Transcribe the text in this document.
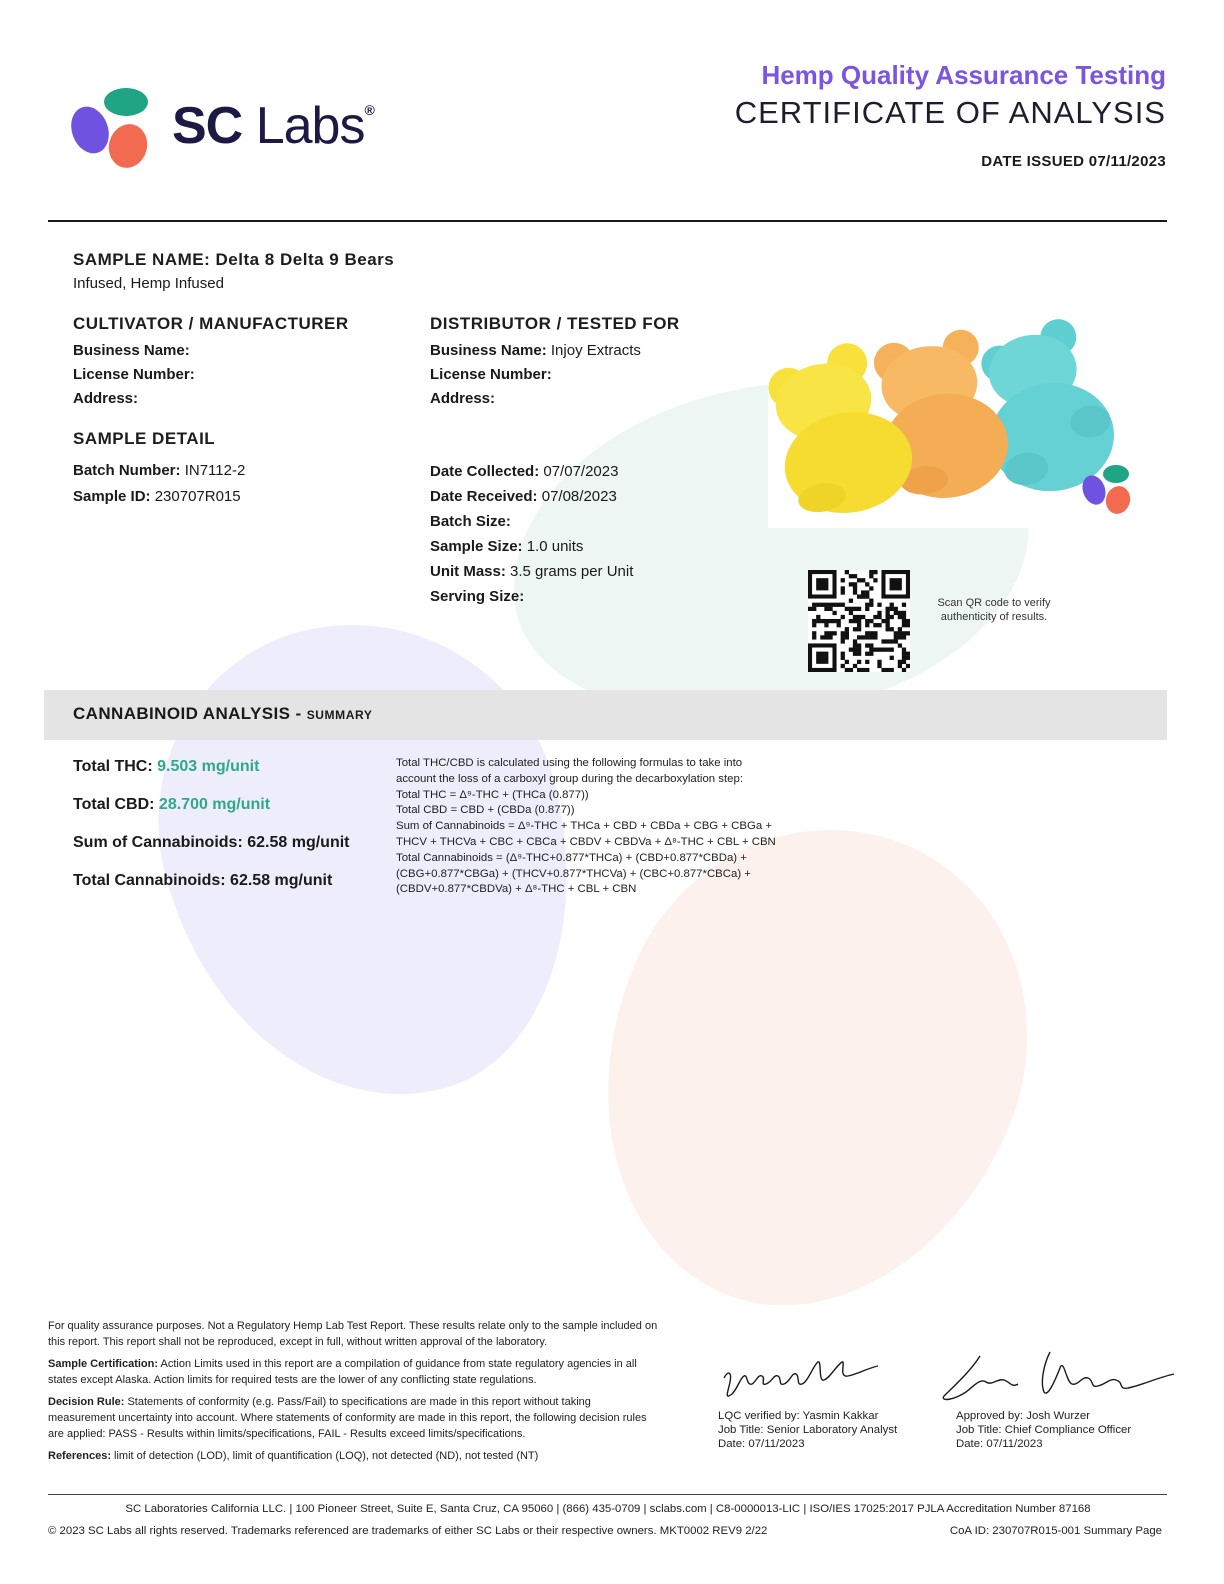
SC Labs®
Hemp Quality Assurance Testing
CERTIFICATE OF ANALYSIS
DATE ISSUED 07/11/2023
SAMPLE NAME: Delta 8 Delta 9 Bears
Infused, Hemp Infused
CULTIVATOR / MANUFACTURER
Business Name:
License Number:
Address:
DISTRIBUTOR / TESTED FOR
Business Name: Injoy Extracts
License Number:
Address:
SAMPLE DETAIL
Batch Number: IN7112-2
Sample ID: 230707R015
Date Collected: 07/07/2023
Date Received: 07/08/2023
Batch Size:
Sample Size: 1.0 units
Unit Mass: 3.5 grams per Unit
Serving Size:	Scan QR code to verify authenticity of results.
CANNABINOID ANALYSIS - SUMMARY
Total THC: 9.503 mg/unit
Total CBD: 28.700 mg/unit
Sum of Cannabinoids: 62.58 mg/unit
Total Cannabinoids: 62.58 mg/unit
Total THC/CBD is calculated using the following formulas to take into
account the loss of a carboxyl group during the decarboxylation step:
Total THC = Δ⁹-THC + (THCa (0.877))
Total CBD = CBD + (CBDa (0.877))
Sum of Cannabinoids = Δ⁹-THC + THCa + CBD + CBDa + CBG + CBGa +
THCV + THCVa + CBC + CBCa + CBDV + CBDVa + Δ⁸-THC + CBL + CBN
Total Cannabinoids = (Δ⁹-THC+0.877*THCa) + (CBD+0.877*CBDa) +
(CBG+0.877*CBGa) + (THCV+0.877*THCVa) + (CBC+0.877*CBCa) +
(CBDV+0.877*CBDVa) + Δ⁸-THC + CBL + CBN

For quality assurance purposes. Not a Regulatory Hemp Lab Test Report. These results relate only to the sample included on this report. This report shall not be reproduced, except in full, without written approval of the laboratory.

Sample Certification: Action Limits used in this report are a compilation of guidance from state regulatory agencies in all states except Alaska. Action limits for required tests are the lower of any conflicting state regulations.

Decision Rule: Statements of conformity (e.g. Pass/Fail) to specifications are made in this report without taking measurement uncertainty into account. Where statements of conformity are made in this report, the following decision rules are applied: PASS - Results within limits/specifications, FAIL - Results exceed limits/specifications.

References: limit of detection (LOD), limit of quantification (LOQ), not detected (ND), not tested (NT)

LQC verified by: Yasmin Kakkar
Job Title: Senior Laboratory Analyst
Date: 07/11/2023
Approved by: Josh Wurzer
Job Title: Chief Compliance Officer
Date: 07/11/2023
SC Laboratories California LLC. | 100 Pioneer Street, Suite E, Santa Cruz, CA 95060 | (866) 435-0709 | sclabs.com | C8-0000013-LIC | ISO/IES 17025:2017 PJLA Accreditation Number 87168
© 2023 SC Labs all rights reserved. Trademarks referenced are trademarks of either SC Labs or their respective owners. MKT0002 REV9 2/22	CoA ID: 230707R015-001 Summary Page
